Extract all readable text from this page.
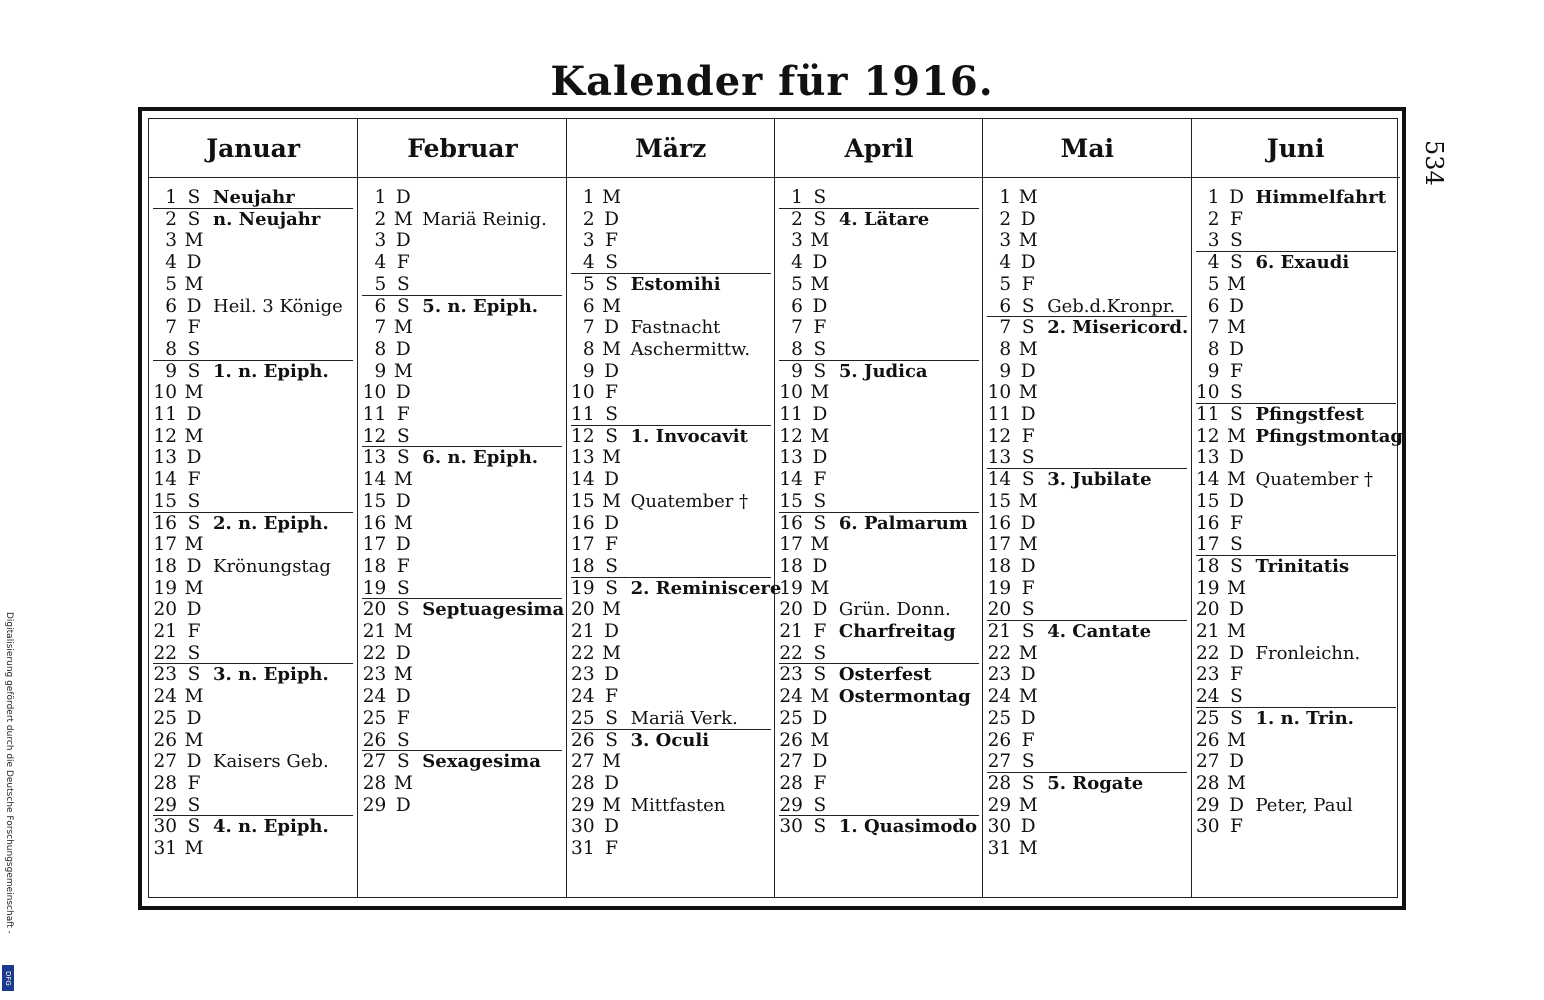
Kalender für 1916.
534
Digitalisierung gefördert durch die Deutsche Forschungsgemeinschaft -
DFG
Januar
1 S Neujahr
2 S n. Neujahr
3 M
4 D
5 M
6 D Heil. 3 Könige
7 F
8 S
9 S 1. n. Epiph.
10 M
11 D
12 M
13 D
14 F
15 S
16 S 2. n. Epiph.
17 M
18 D Krönungstag
19 M
20 D
21 F
22 S
23 S 3. n. Epiph.
24 M
25 D
26 M
27 D Kaisers Geb.
28 F
29 S
30 S 4. n. Epiph.
31 M
Februar
1 D
2 M Mariä Reinig.
3 D
4 F
5 S
6 S 5. n. Epiph.
7 M
8 D
9 M
10 D
11 F
12 S
13 S 6. n. Epiph.
14 M
15 D
16 M
17 D
18 F
19 S
20 S Septuagesima
21 M
22 D
23 M
24 D
25 F
26 S
27 S Sexagesima
28 M
29 D
März
1 M
2 D
3 F
4 S
5 S Estomihi
6 M
7 D Fastnacht
8 M Aschermittw.
9 D
10 F
11 S
12 S 1. Invocavit
13 M
14 D
15 M Quatember †
16 D
17 F
18 S
19 S 2. Reminiscere
20 M
21 D
22 M
23 D
24 F
25 S Mariä Verk.
26 S 3. Oculi
27 M
28 D
29 M Mittfasten
30 D
31 F
April
1 S
2 S 4. Lätare
3 M
4 D
5 M
6 D
7 F
8 S
9 S 5. Judica
10 M
11 D
12 M
13 D
14 F
15 S
16 S 6. Palmarum
17 M
18 D
19 M
20 D Grün. Donn.
21 F Charfreitag
22 S
23 S Osterfest
24 M Ostermontag
25 D
26 M
27 D
28 F
29 S
30 S 1. Quasimodo
Mai
1 M
2 D
3 M
4 D
5 F
6 S Geb.d.Kronpr.
7 S 2. Misericord.
8 M
9 D
10 M
11 D
12 F
13 S
14 S 3. Jubilate
15 M
16 D
17 M
18 D
19 F
20 S
21 S 4. Cantate
22 M
23 D
24 M
25 D
26 F
27 S
28 S 5. Rogate
29 M
30 D
31 M
Juni
1 D Himmelfahrt
2 F
3 S
4 S 6. Exaudi
5 M
6 D
7 M
8 D
9 F
10 S
11 S Pfingstfest
12 M Pfingstmontag
13 D
14 M Quatember †
15 D
16 F
17 S
18 S Trinitatis
19 M
20 D
21 M
22 D Fronleichn.
23 F
24 S
25 S 1. n. Trin.
26 M
27 D
28 M
29 D Peter, Paul
30 F
